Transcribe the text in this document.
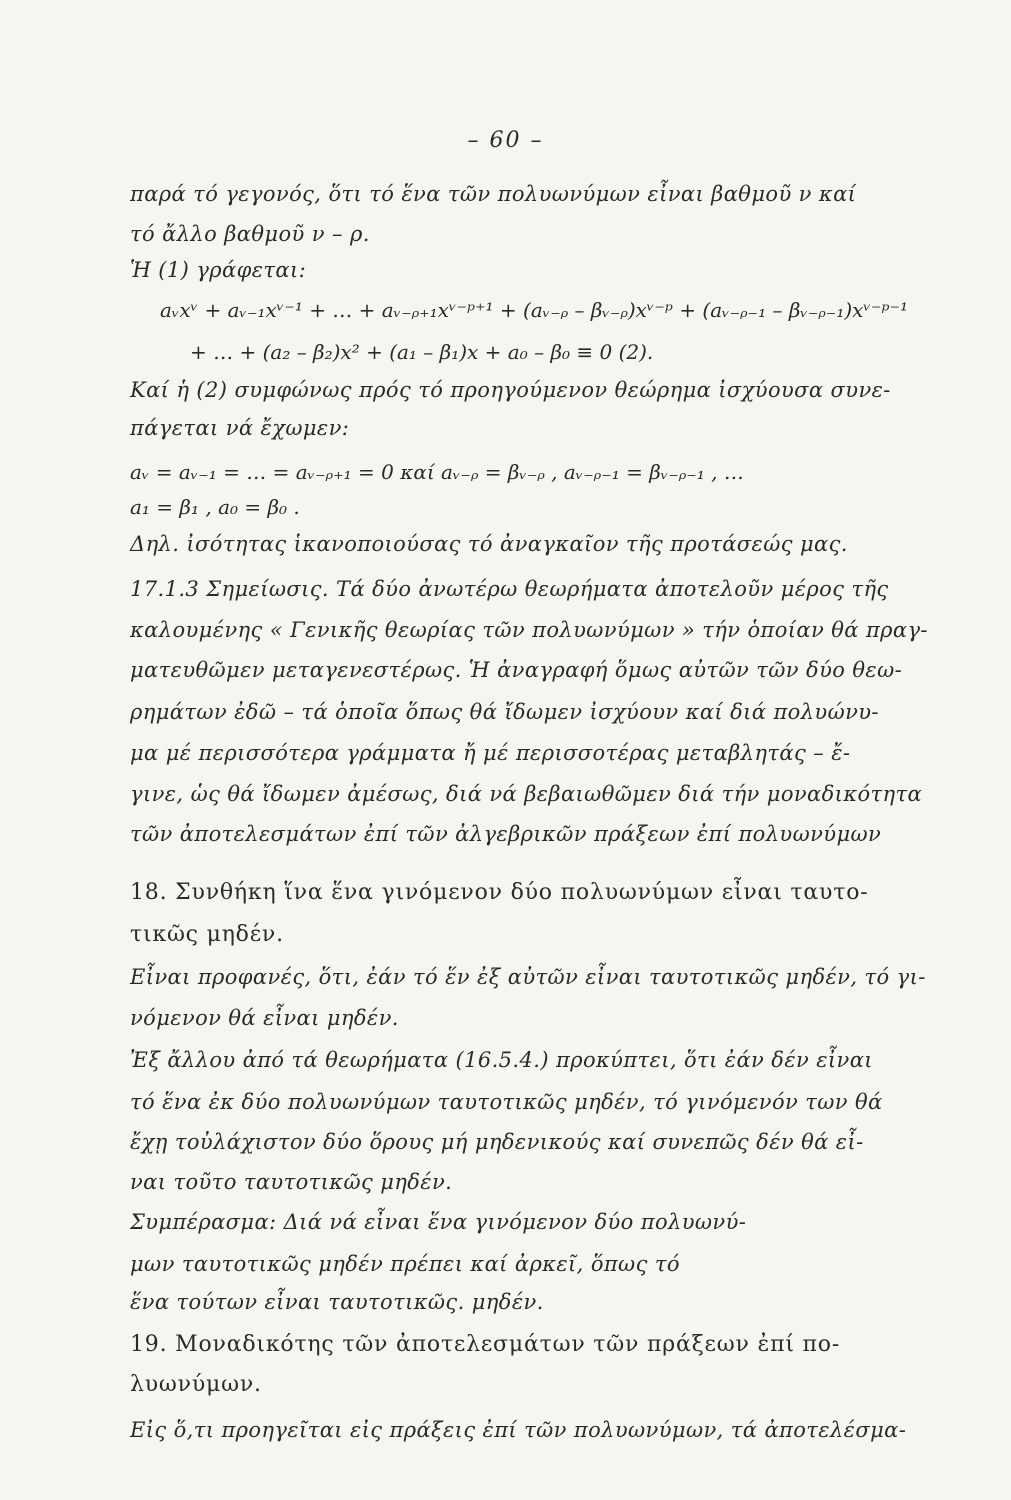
– 60 –
παρά τό γεγονός, ὅτι τό ἕνα τῶν πολυωνύμων εἶναι βαθμοῦ ν καί
τό ἄλλο βαθμοῦ ν – ρ.
Ἡ (1) γράφεται:
Καί ἡ (2) συμφώνως πρός τό προηγούμενον θεώρημα ἰσχύουσα συνε-
πάγεται νά ἔχωμεν:
Δηλ. ἰσότητας ἱκανοποιούσας τό ἀναγκαῖον τῆς προτάσεώς μας.
17.1.3 Σημείωσις. Τά δύο ἀνωτέρω θεωρήματα ἀποτελοῦν μέρος τῆς
καλουμένης « Γενικῆς θεωρίας τῶν πολυωνύμων » τήν ὁποίαν θά πραγ-
ματευθῶμεν μεταγενεστέρως. Ἡ ἀναγραφή ὅμως αὐτῶν τῶν δύο θεω-
ρημάτων ἐδῶ – τά ὁποῖα ὅπως θά ἴδωμεν ἰσχύουν καί διά πολυώνυ-
μα μέ περισσότερα γράμματα ἤ μέ περισσοτέρας μεταβλητάς – ἔ-
γινε, ὡς θά ἴδωμεν ἀμέσως, διά νά βεβαιωθῶμεν διά τήν μοναδικότητα
τῶν ἀποτελεσμάτων ἐπί τῶν ἀλγεβρικῶν πράξεων ἐπί πολυωνύμων
18. Συνθήκη ἵνα ἕνα γινόμενον δύο πολυωνύμων εἶναι ταυτο-
τικῶς μηδέν.
Εἶναι προφανές, ὅτι, ἐάν τό ἕν ἐξ αὐτῶν εἶναι ταυτοτικῶς μηδέν, τό γι-
νόμενον θά εἶναι μηδέν.
Ἐξ ἄλλου ἀπό τά θεωρήματα (16.5.4.) προκύπτει, ὅτι ἐάν δέν εἶναι
τό ἕνα ἐκ δύο πολυωνύμων ταυτοτικῶς μηδέν, τό γινόμενόν των θά
ἔχῃ τοὐλάχιστον δύο ὅρους μή μηδενικούς καί συνεπῶς δέν θά εἶ-
ναι τοῦτο ταυτοτικῶς μηδέν.
Συμπέρασμα: Διά νά εἶναι ἕνα γινόμενον δύο πολυωνύ-
μων ταυτοτικῶς μηδέν πρέπει καί ἀρκεῖ, ὅπως τό
ἕνα τούτων εἶναι ταυτοτικῶς. μηδέν.
19. Μοναδικότης τῶν ἀποτελεσμάτων τῶν πράξεων ἐπί πο-
λυωνύμων.
Εἰς ὅ,τι προηγεῖται εἰς πράξεις ἐπί τῶν πολυωνύμων, τά ἀποτελέσμα-
aᵥxᵛ + aᵥ₋₁xᵛ⁻¹ + … + aᵥ₋ᵨ₊₁xᵛ⁻ᵖ⁺¹ + (aᵥ₋ᵨ – βᵥ₋ᵨ)xᵛ⁻ᵖ + (aᵥ₋ᵨ₋₁ – βᵥ₋ᵨ₋₁)xᵛ⁻ᵖ⁻¹
+ … + (a₂ – β₂)x² + (a₁ – β₁)x + a₀ – β₀ ≡ 0 (2).
aᵥ = aᵥ₋₁ = … = aᵥ₋ᵨ₊₁ = 0 καί aᵥ₋ᵨ = βᵥ₋ᵨ , aᵥ₋ᵨ₋₁ = βᵥ₋ᵨ₋₁ , …
a₁ = β₁ , a₀ = β₀ .
